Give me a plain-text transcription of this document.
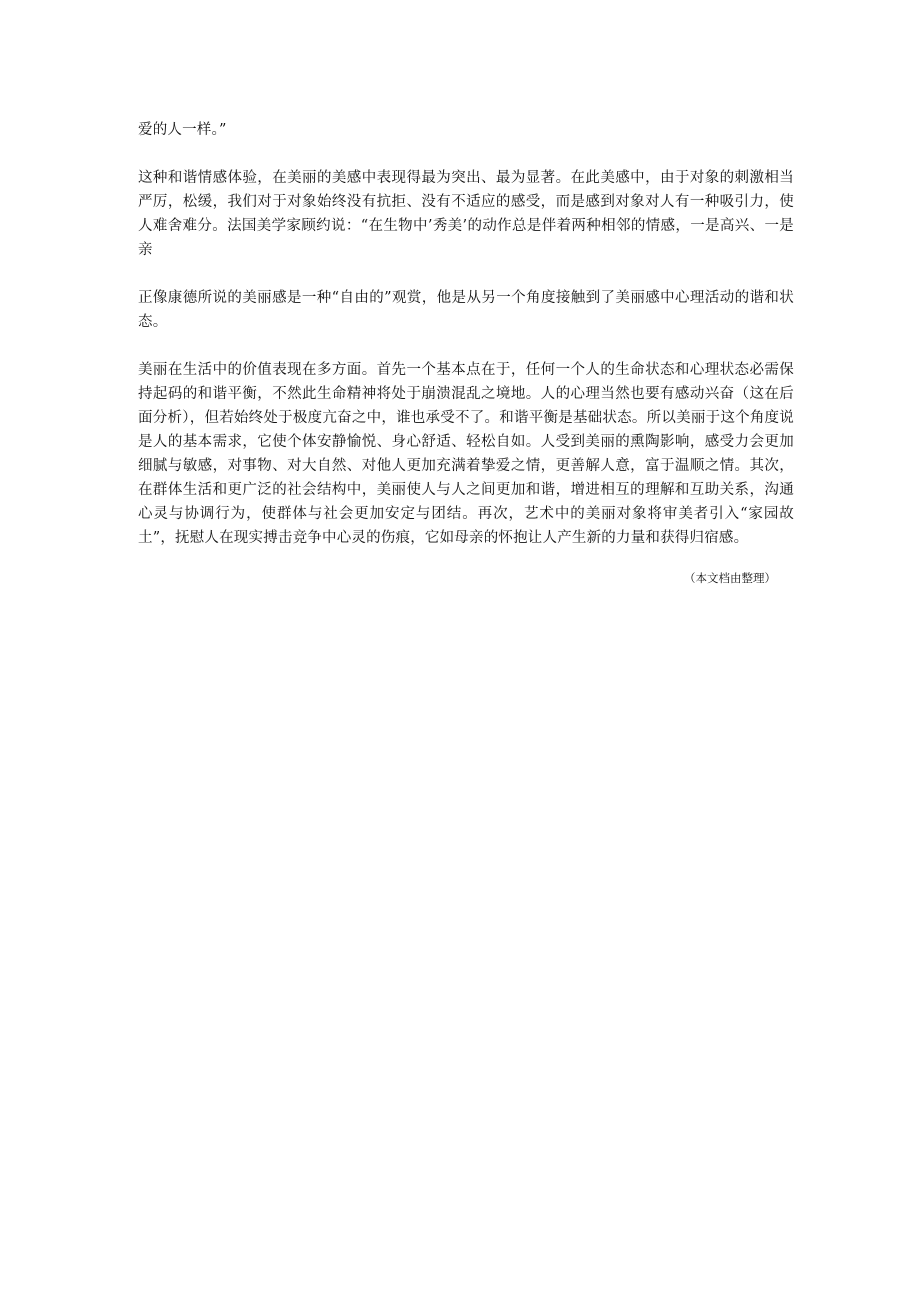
爱的人一样。”

这种和谐情感体验，在美丽的美感中表现得最为突出、最为显著。在此美感中，由于对象的刺激相当严厉，松缓，我们对于对象始终没有抗拒、没有不适应的感受，而是感到对象对人有一种吸引力，使人难舍难分。法国美学家顾约说：“在生物中’秀美’的动作总是伴着两种相邻的情感，一是高兴、一是亲

正像康德所说的美丽感是一种“自由的”观赏，他是从另一个角度接触到了美丽感中心理活动的谐和状态。

美丽在生活中的价值表现在多方面。首先一个基本点在于，任何一个人的生命状态和心理状态必需保持起码的和谐平衡，不然此生命精神将处于崩溃混乱之境地。人的心理当然也要有感动兴奋（这在后面分析），但若始终处于极度亢奋之中，谁也承受不了。和谐平衡是基础状态。所以美丽于这个角度说是人的基本需求，它使个体安静愉悦、身心舒适、轻松自如。人受到美丽的熏陶影响，感受力会更加细腻与敏感，对事物、对大自然、对他人更加充满着挚爱之情，更善解人意，富于温顺之情。其次，在群体生活和更广泛的社会结构中，美丽使人与人之间更加和谐，增进相互的理解和互助关系，沟通心灵与协调行为，使群体与社会更加安定与团结。再次，艺术中的美丽对象将审美者引入“家园故土”，抚慰人在现实搏击竞争中心灵的伤痕，它如母亲的怀抱让人产生新的力量和获得归宿感。

（本文档由整理）
